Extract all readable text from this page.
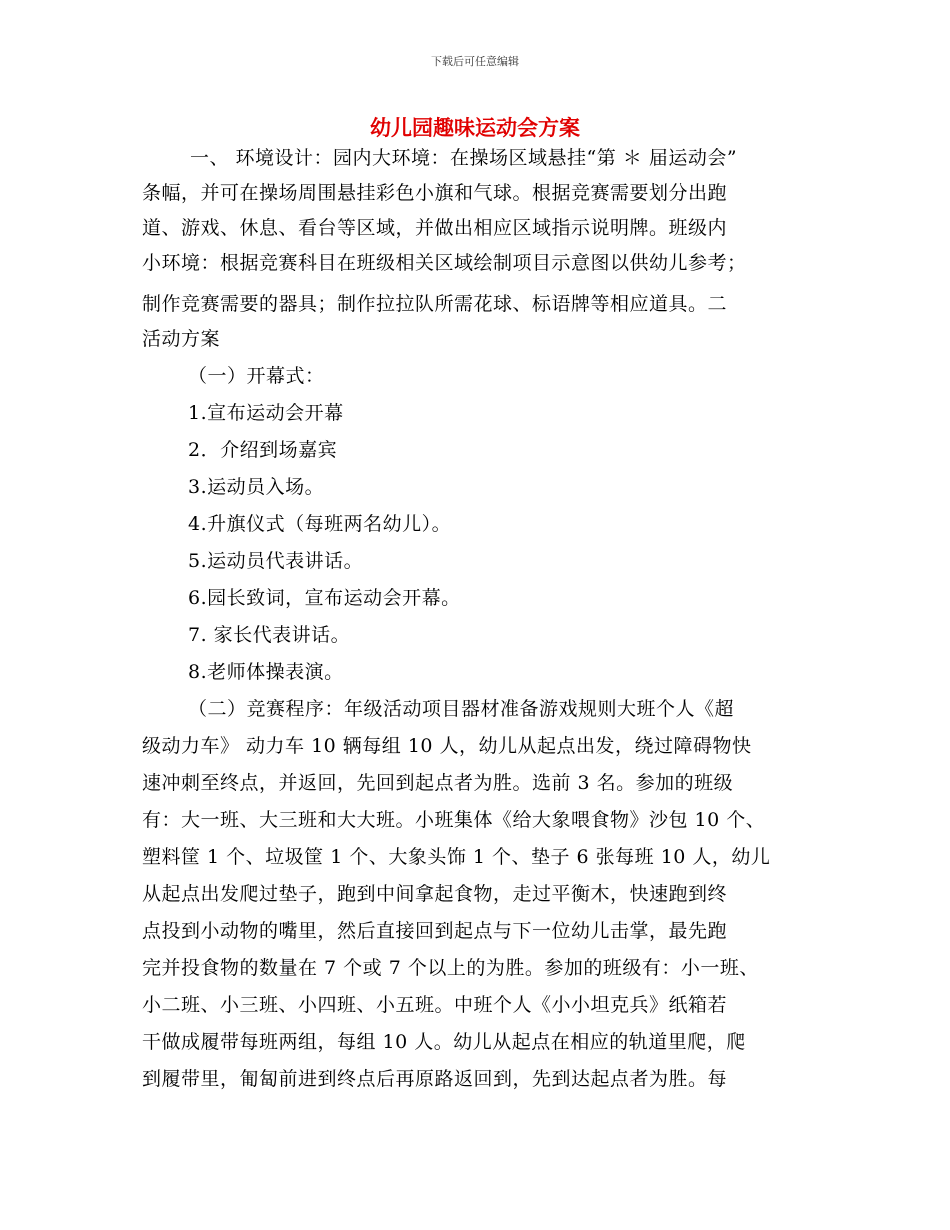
下载后可任意编辑
幼儿园趣味运动会方案
一、 环境设计：园内大环境：在操场区域悬挂“第 ＊ 届运动会”
条幅，并可在操场周围悬挂彩色小旗和气球。根据竞赛需要划分出跑
道、游戏、休息、看台等区域，并做出相应区域指示说明牌。班级内
小环境：根据竞赛科目在班级相关区域绘制项目示意图以供幼儿参考；
制作竞赛需要的器具；制作拉拉队所需花球、标语牌等相应道具。二
活动方案
（一）开幕式：
1.宣布运动会开幕
2．介绍到场嘉宾
3.运动员入场。
4.升旗仪式（每班两名幼儿）。
5.运动员代表讲话。
6.园长致词，宣布运动会开幕。
7. 家长代表讲话。
8.老师体操表演。
（二）竞赛程序：年级活动项目器材准备游戏规则大班个人《超
级动力车》 动力车 10 辆每组 10 人，幼儿从起点出发，绕过障碍物快
速冲刺至终点，并返回，先回到起点者为胜。选前 3 名。参加的班级
有：大一班、大三班和大大班。小班集体《给大象喂食物》沙包 10 个、
塑料筐 1 个、垃圾筐 1 个、大象头饰 1 个、垫子 6 张每班 10 人，幼儿
从起点出发爬过垫子，跑到中间拿起食物，走过平衡木，快速跑到终
点投到小动物的嘴里，然后直接回到起点与下一位幼儿击掌，最先跑
完并投食物的数量在 7 个或 7 个以上的为胜。参加的班级有：小一班、
小二班、小三班、小四班、小五班。中班个人《小小坦克兵》纸箱若
干做成履带每班两组，每组 10 人。幼儿从起点在相应的轨道里爬，爬
到履带里，匍匐前进到终点后再原路返回到，先到达起点者为胜。每
